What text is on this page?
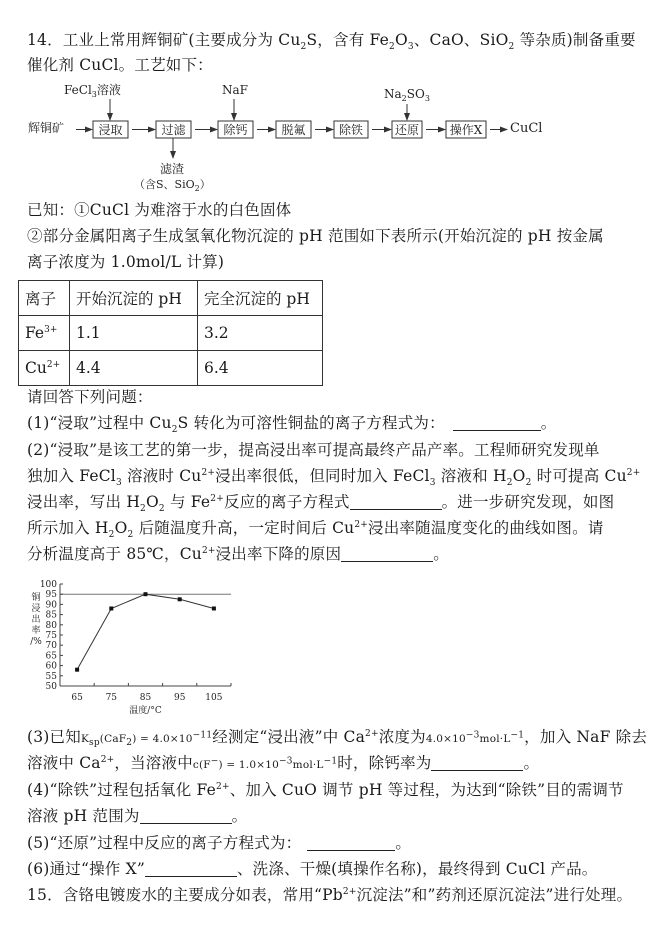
14．工业上常用辉铜矿(主要成分为 $Cu_2S$，含有 $Fe_2O_3$、CaO、SiO$_2$ 等杂质)制备重要
催化剂 CuCl。工艺如下：
辉铜矿	浸取	过滤	除钙	脱氟	除铁	还原	操作X CuCl
FeCl$_3$溶液	NaF	$Na_2SO_3$
滤渣
（含S、SiO$_2$）
已知：①CuCl 为难溶于水的白色固体
②部分金属阳离子生成氢氧化物沉淀的 pH 范围如下表所示(开始沉淀的 pH 按金属
离子浓度为 1.0mol/L 计算)
离子	开始沉淀的 pH	完全沉淀的 pH
$Fe^{3+}$	1.1	3.2
$Cu^{2+}$	4.4	6.4
请回答下列问题：
(1)“浸取”过程中 $Cu_2S$ 转化为可溶性铜盐的离子方程式为：	。
(2)“浸取”是该工艺的第一步，提高浸出率可提高最终产品产率。工程师研究发现单
独加入 FeCl$_3$ 溶液时 $Cu^{2+}$浸出率很低，但同时加入 FeCl$_3$ 溶液和 $H_2O_2$ 时可提高 $Cu^{2+}$
浸出率，写出 $H_2O_2$ 与 $Fe^{2+}$反应的离子方程式	。进一步研究发现，如图
所示加入 $H_2O_2$ 后随温度升高，一定时间后 $Cu^{2+}$浸出率随温度变化的曲线如图。请
分析温度高于 85℃，$Cu^{2+}$浸出率下降的原因	。
50
55
60
65
70
75
80
85
90
95
100
65	75	85	95 105
温度/°C
铜
浸
出
率
/%
(3)已知$K_{sp}(CaF_2) = 4.0\times 10^{-11}$经测定“浸出液”中 $Ca^{2+}$浓度为$4.0\times 10^{-3}mol\cdot L^{-1}$，加入 NaF 除去
溶液中 $Ca^{2+}$，当溶液中$c(F^-) = 1.0\times 10^{-3}mol\cdot L^{-1}$时，除钙率为	。
(4)“除铁”过程包括氧化 $Fe^{2+}$、加入 CuO 调节 pH 等过程，为达到“除铁”目的需调节
溶液 pH 范围为	。
(5)“还原”过程中反应的离子方程式为：	。
(6)通过“操作 X”	、洗涤、干燥(填操作名称)，最终得到 CuCl 产品。
15．含铬电镀废水的主要成分如表，常用“$Pb^{2+}$沉淀法”和”药剂还原沉淀法”进行处理。
